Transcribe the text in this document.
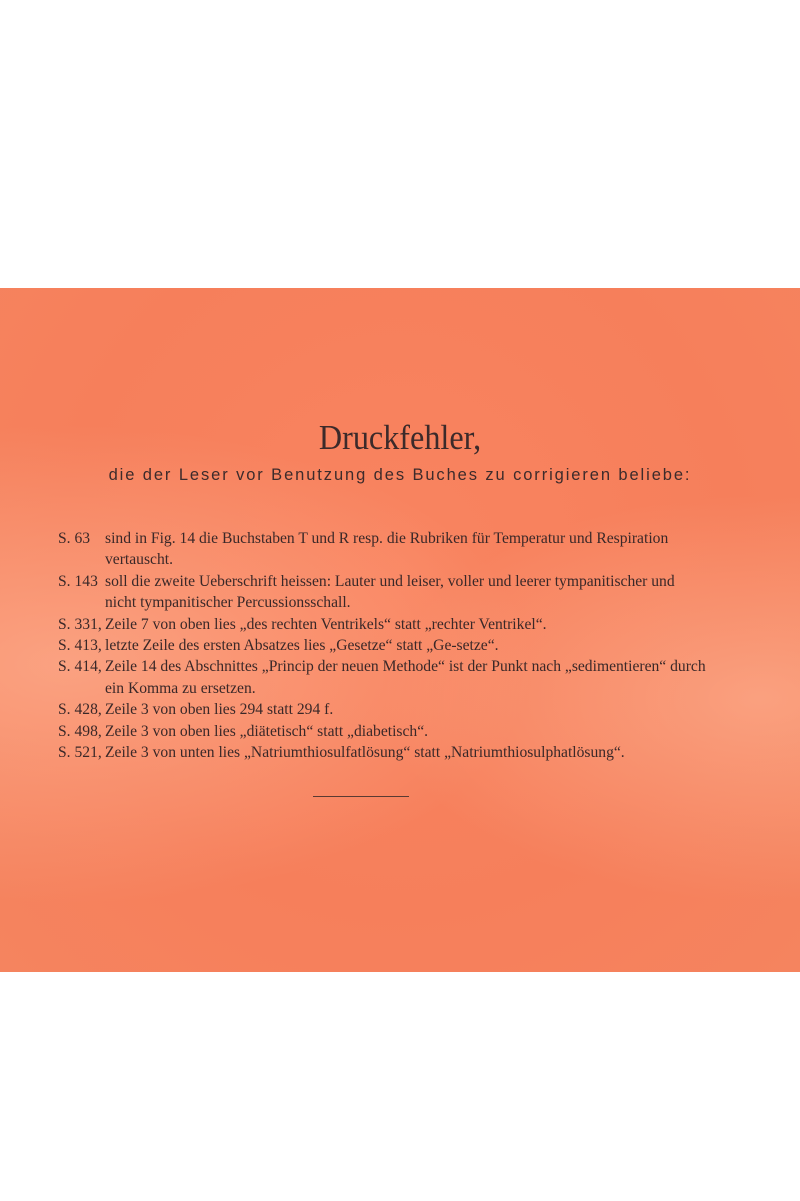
Druckfehler,
die der Leser vor Benutzung des Buches zu corrigieren beliebe:
S. 63 sind in Fig. 14 die Buchstaben T und R resp. die Rubriken für Temperatur und Respiration vertauscht.
S. 143 soll die zweite Ueberschrift heissen: Lauter und leiser, voller und leerer tympanitischer und nicht tympanitischer Percussionsschall.
S. 331, Zeile 7 von oben lies „des rechten Ventrikels“ statt „rechter Ventrikel“.
S. 413, letzte Zeile des ersten Absatzes lies „Gesetze“ statt „Ge-setze“.
S. 414, Zeile 14 des Abschnittes „Princip der neuen Methode“ ist der Punkt nach „sedimentieren“ durch ein Komma zu ersetzen.
S. 428, Zeile 3 von oben lies 294 statt 294 f.
S. 498, Zeile 3 von oben lies „diätetisch“ statt „diabetisch“.
S. 521, Zeile 3 von unten lies „Natriumthiosulfatlösung“ statt „Natriumthiosulphatlösung“.
